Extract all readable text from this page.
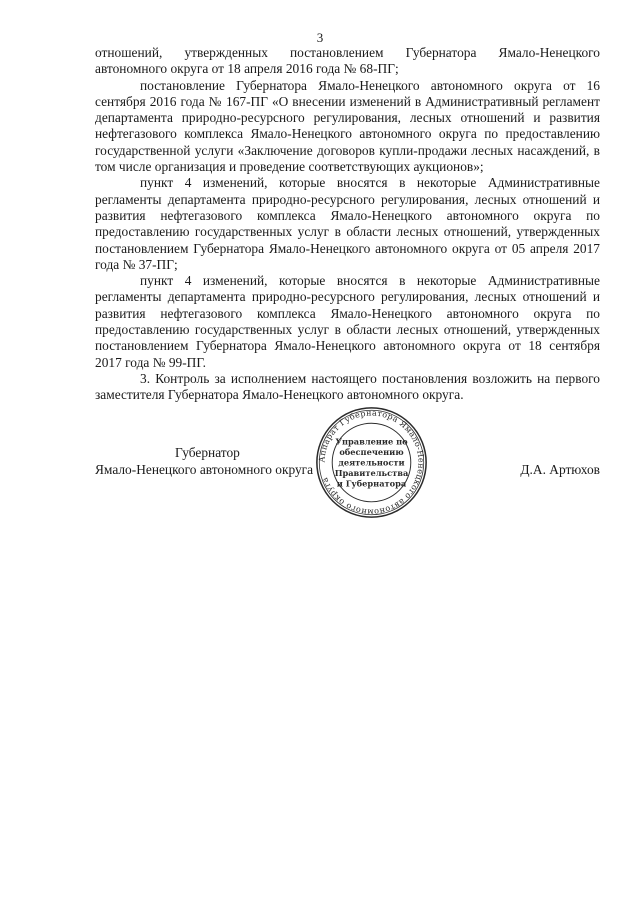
3

отношений, утвержденных постановлением Губернатора Ямало-Ненецкого автономного округа от 18 апреля 2016 года № 68-ПГ;

постановление Губернатора Ямало-Ненецкого автономного округа от 16 сентября 2016 года № 167-ПГ «О внесении изменений в Административный регламент департамента природно-ресурсного регулирования, лесных отношений и развития нефтегазового комплекса Ямало-Ненецкого автономного округа по предоставлению государственной услуги «Заключение договоров купли-продажи лесных насаждений, в том числе организация и проведение соответствующих аукционов»;

пункт 4 изменений, которые вносятся в некоторые Административные регламенты департамента природно-ресурсного регулирования, лесных отношений и развития нефтегазового комплекса Ямало-Ненецкого автономного округа по предоставлению государственных услуг в области лесных отношений, утвержденных постановлением Губернатора Ямало-Ненецкого автономного округа от 05 апреля 2017 года № 37-ПГ;

пункт 4 изменений, которые вносятся в некоторые Административные регламенты департамента природно-ресурсного регулирования, лесных отношений и развития нефтегазового комплекса Ямало-Ненецкого автономного округа по предоставлению государственных услуг в области лесных отношений, утвержденных постановлением Губернатора Ямало-Ненецкого автономного округа от 18 сентября 2017 года № 99-ПГ.

3. Контроль за исполнением настоящего постановления возложить на первого заместителя Губернатора Ямало-Ненецкого автономного округа.

Губернатор
Ямало-Ненецкого автономного округа	Д.А. Артюхов
Аппарат Губернатора Ямало-Ненецкого автономного округа
Управление по
обеспечению
деятельности
Правительства
и Губернатора
